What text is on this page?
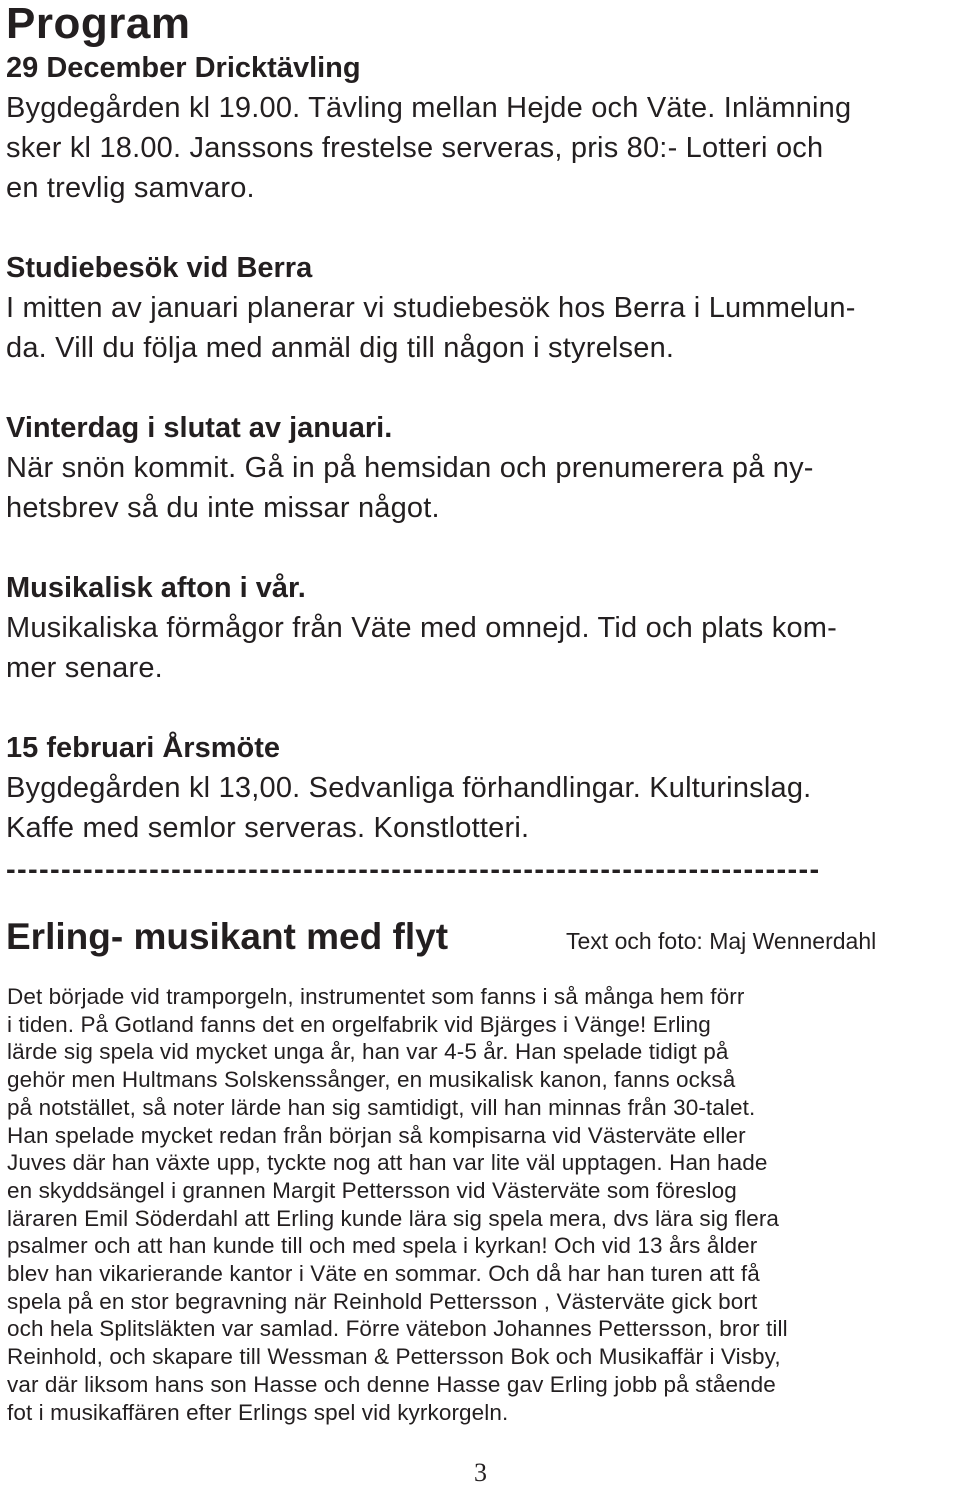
Program
29 December Dricktävling
Bygdegården kl 19.00. Tävling mellan Hejde och Väte. Inlämning
sker kl 18.00. Janssons frestelse serveras, pris 80:- Lotteri och
en trevlig samvaro.
Studiebesök vid Berra
I mitten av januari planerar vi studiebesök hos Berra i Lummelun-
da. Vill du följa med anmäl dig till någon i styrelsen.
Vinterdag i slutat av januari.
När snön kommit. Gå in på hemsidan och prenumerera på ny-
hetsbrev så du inte missar något.
Musikalisk afton i vår.
Musikaliska förmågor från Väte med omnejd. Tid och plats kom-
mer senare.
15 februari Årsmöte
Bygdegården kl 13,00. Sedvanliga förhandlingar. Kulturinslag.
Kaffe med semlor serveras. Konstlotteri.
--------------------------------------------------------------------------
Erling- musikant med flyt	Text och foto: Maj Wennerdahl
Det började vid tramporgeln, instrumentet som fanns i så många hem förr
i tiden. På Gotland fanns det en orgelfabrik vid Bjärges i Vänge! Erling
lärde sig spela vid mycket unga år, han var 4-5 år. Han spelade tidigt på
gehör men Hultmans Solskenssånger, en musikalisk kanon, fanns också
på notstället, så noter lärde han sig samtidigt, vill han minnas från 30-talet.
Han spelade mycket redan från början så kompisarna vid Västerväte eller
Juves där han växte upp, tyckte nog att han var lite väl upptagen. Han hade
en skyddsängel i grannen Margit Pettersson vid Västerväte som föreslog
läraren Emil Söderdahl att Erling kunde lära sig spela mera, dvs lära sig flera
psalmer och att han kunde till och med spela i kyrkan! Och vid 13 års ålder
blev han vikarierande kantor i Väte en sommar. Och då har han turen att få
spela på en stor begravning när Reinhold Pettersson , Västerväte gick bort
och hela Splitsläkten var samlad. Förre vätebon Johannes Pettersson, bror till
Reinhold, och skapare till Wessman & Pettersson Bok och Musikaffär i Visby,
var där liksom hans son Hasse och denne Hasse gav Erling jobb på stående
fot i musikaffären efter Erlings spel vid kyrkorgeln.
3
